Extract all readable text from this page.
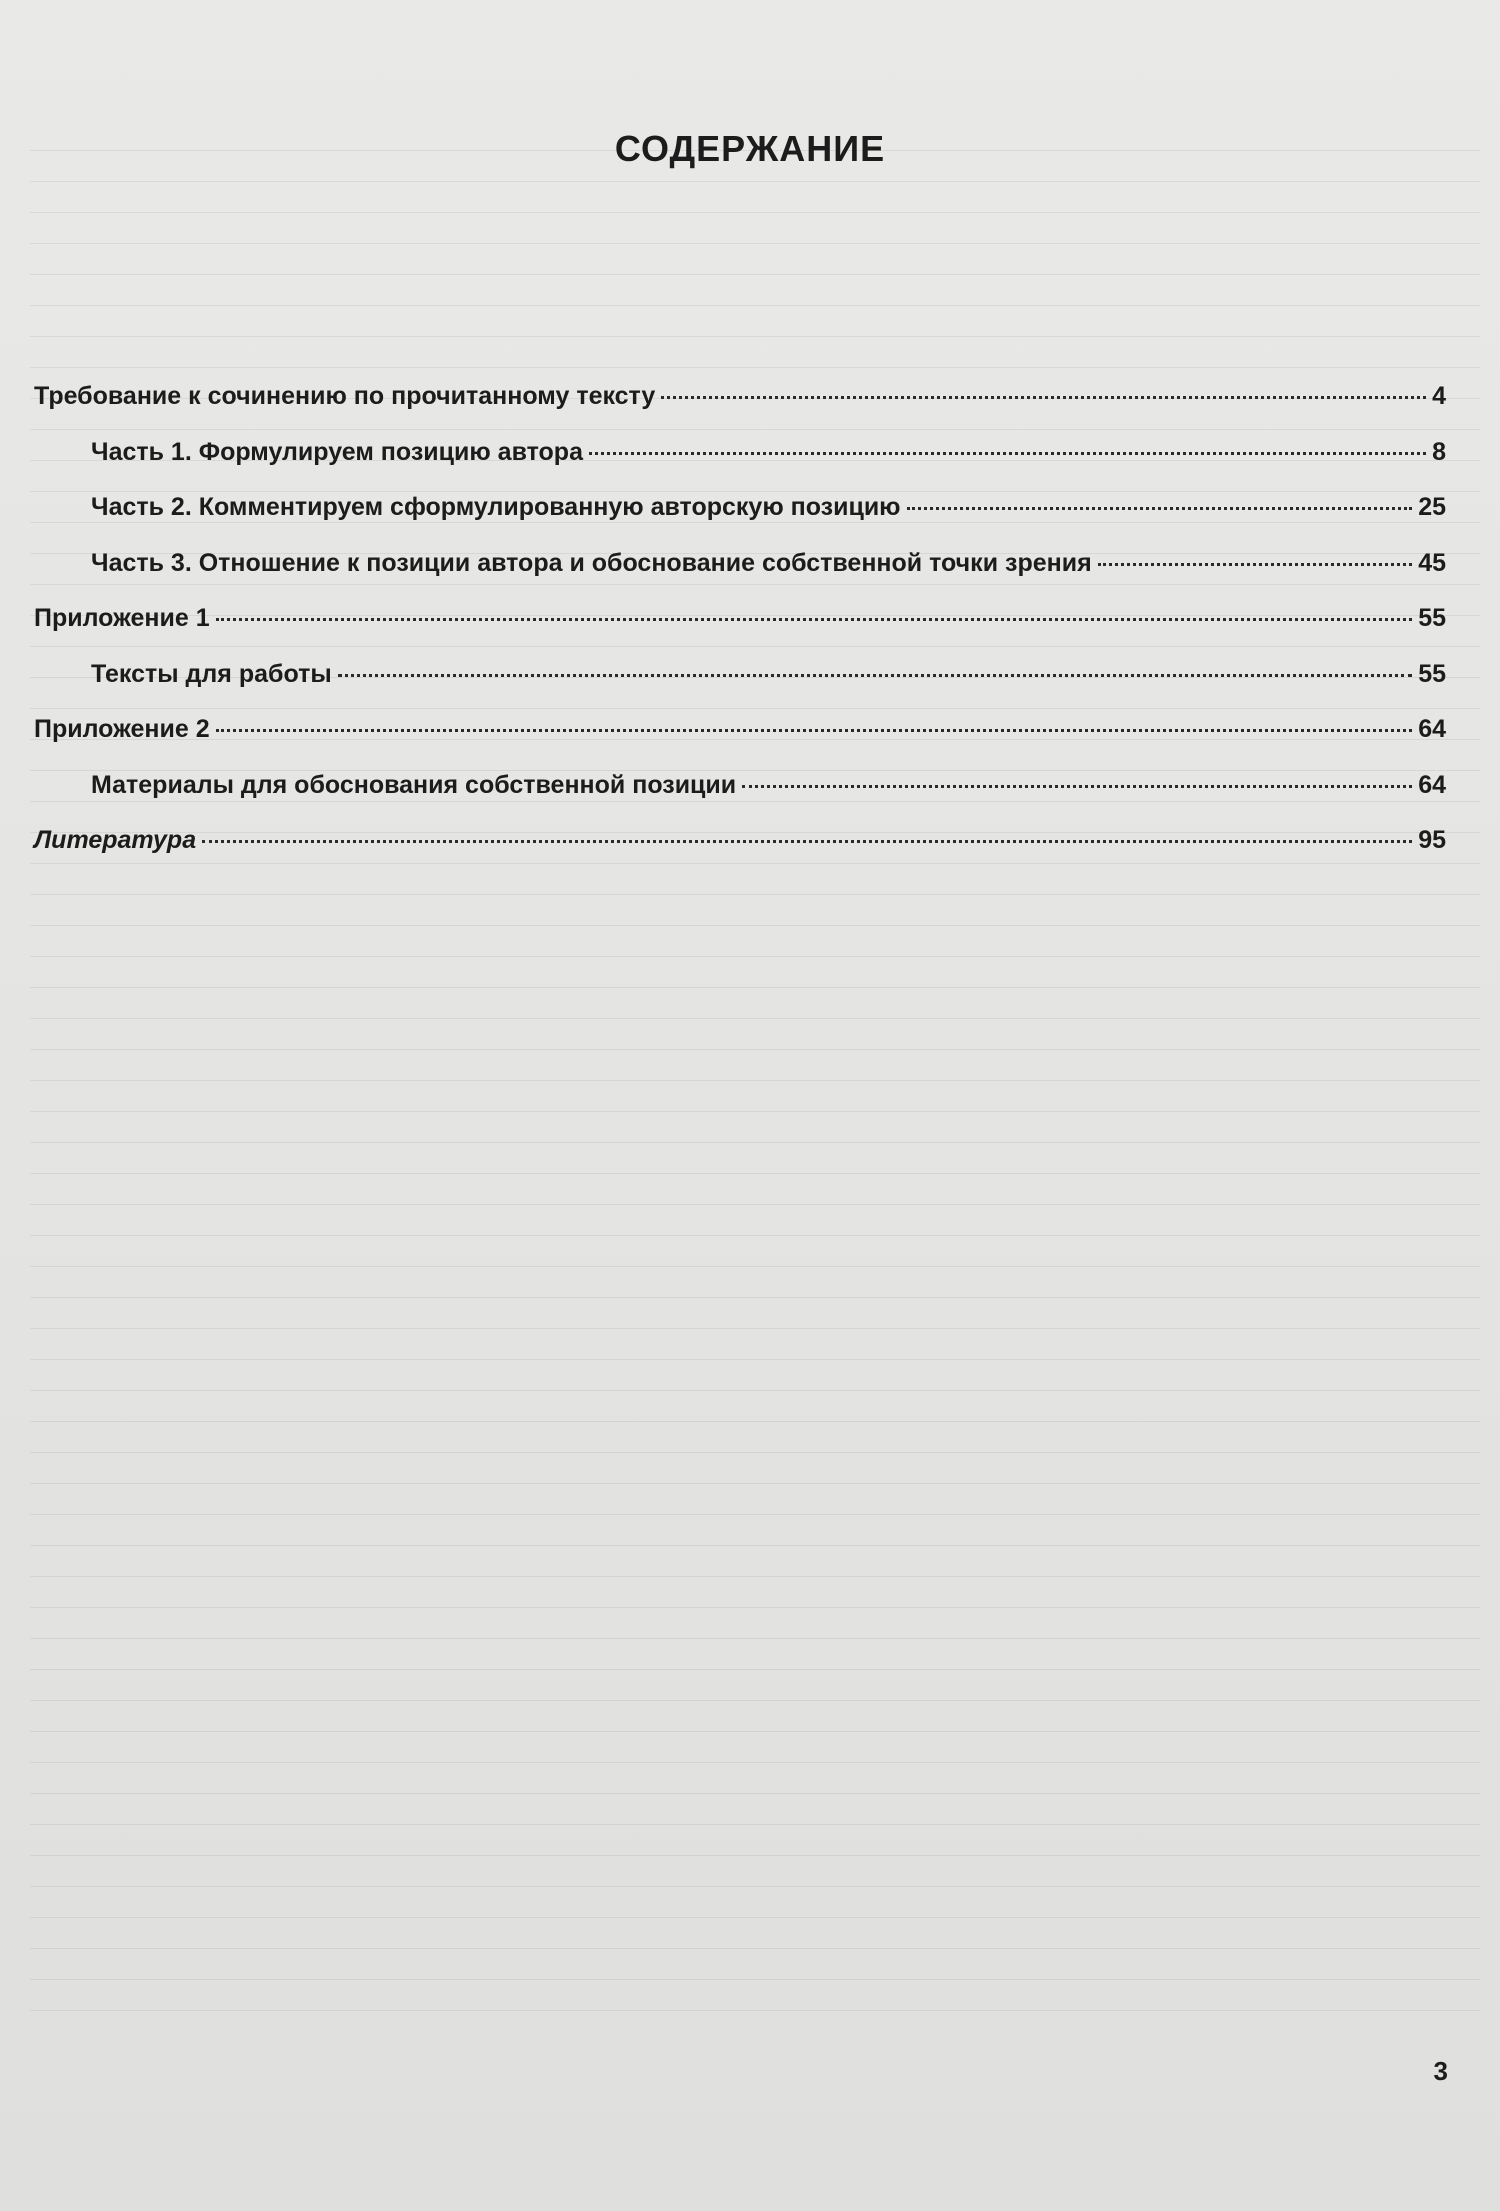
СОДЕРЖАНИЕ
Требование к сочинению по прочитанному тексту	4
Часть 1. Формулируем позицию автора	8
Часть 2. Комментируем сформулированную авторскую позицию	25
Часть 3. Отношение к позиции автора и обоснование собственной точки зрения	45
Приложение 1	55
Тексты для работы	55
Приложение 2	64
Материалы для обоснования собственной позиции	64
Литература	95
3
